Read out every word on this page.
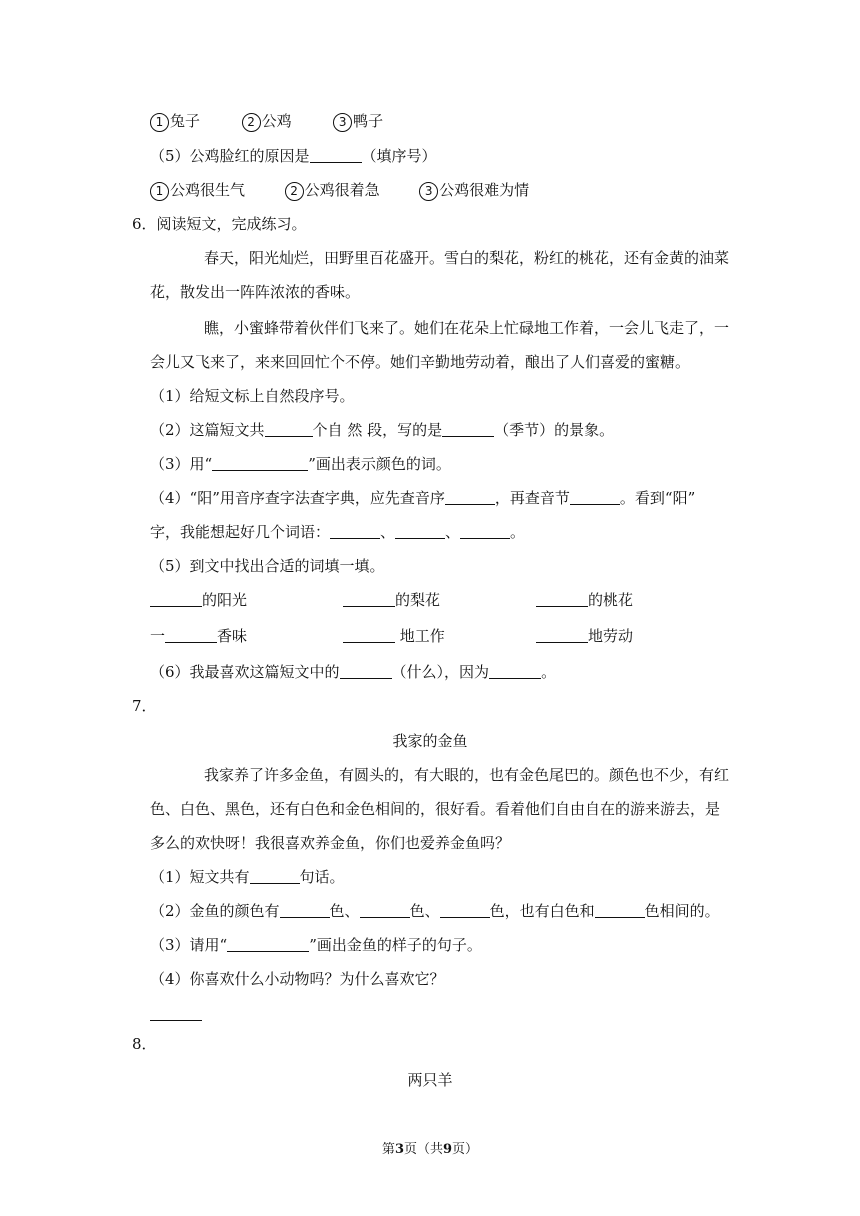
1 兔子	2 公鸡	3 鸭子
（5）公鸡脸红的原因是	（填序号）
1 公鸡很生气	2 公鸡很着急	3 公鸡很难为情
6．阅读短文，完成练习。
春天，阳光灿烂，田野里百花盛开。雪白的梨花，粉红的桃花，还有金黄的油菜
花，散发出一阵阵浓浓的香味。
瞧，小蜜蜂带着伙伴们飞来了。她们在花朵上忙碌地工作着，一会儿飞走了，一
会儿又飞来了，来来回回忙个不停。她们辛勤地劳动着，酿出了人们喜爱的蜜糖。
（1）给短文标上自然段序号。
（2）这篇短文共	个自 然 段，写的是	（季节）的景象。
（3）用“	”画出表示颜色的词。
（4）“阳”用音序查字法查字典，应先查音序	，再查音节	。看到“阳”
字，我能想起好几个词语：	、	、	。
（5）到文中找出合适的词填一填。
的阳光	的梨花	的桃花
一	香味	地工作	地劳动
（6）我最喜欢这篇短文中的	（什么），因为	。
7．
我家的金鱼
我家养了许多金鱼，有圆头的，有大眼的，也有金色尾巴的。颜色也不少，有红
色、白色、黑色，还有白色和金色相间的，很好看。看着他们自由自在的游来游去，是
多么的欢快呀！我很喜欢养金鱼，你们也爱养金鱼吗？
（1）短文共有	句话。
（2）金鱼的颜色有	色、	色、	色，也有白色和	色相间的。
（3）请用“	”画出金鱼的样子的句子。
（4）你喜欢什么小动物吗？为什么喜欢它？
8．
两只羊
第3页（共9页）
